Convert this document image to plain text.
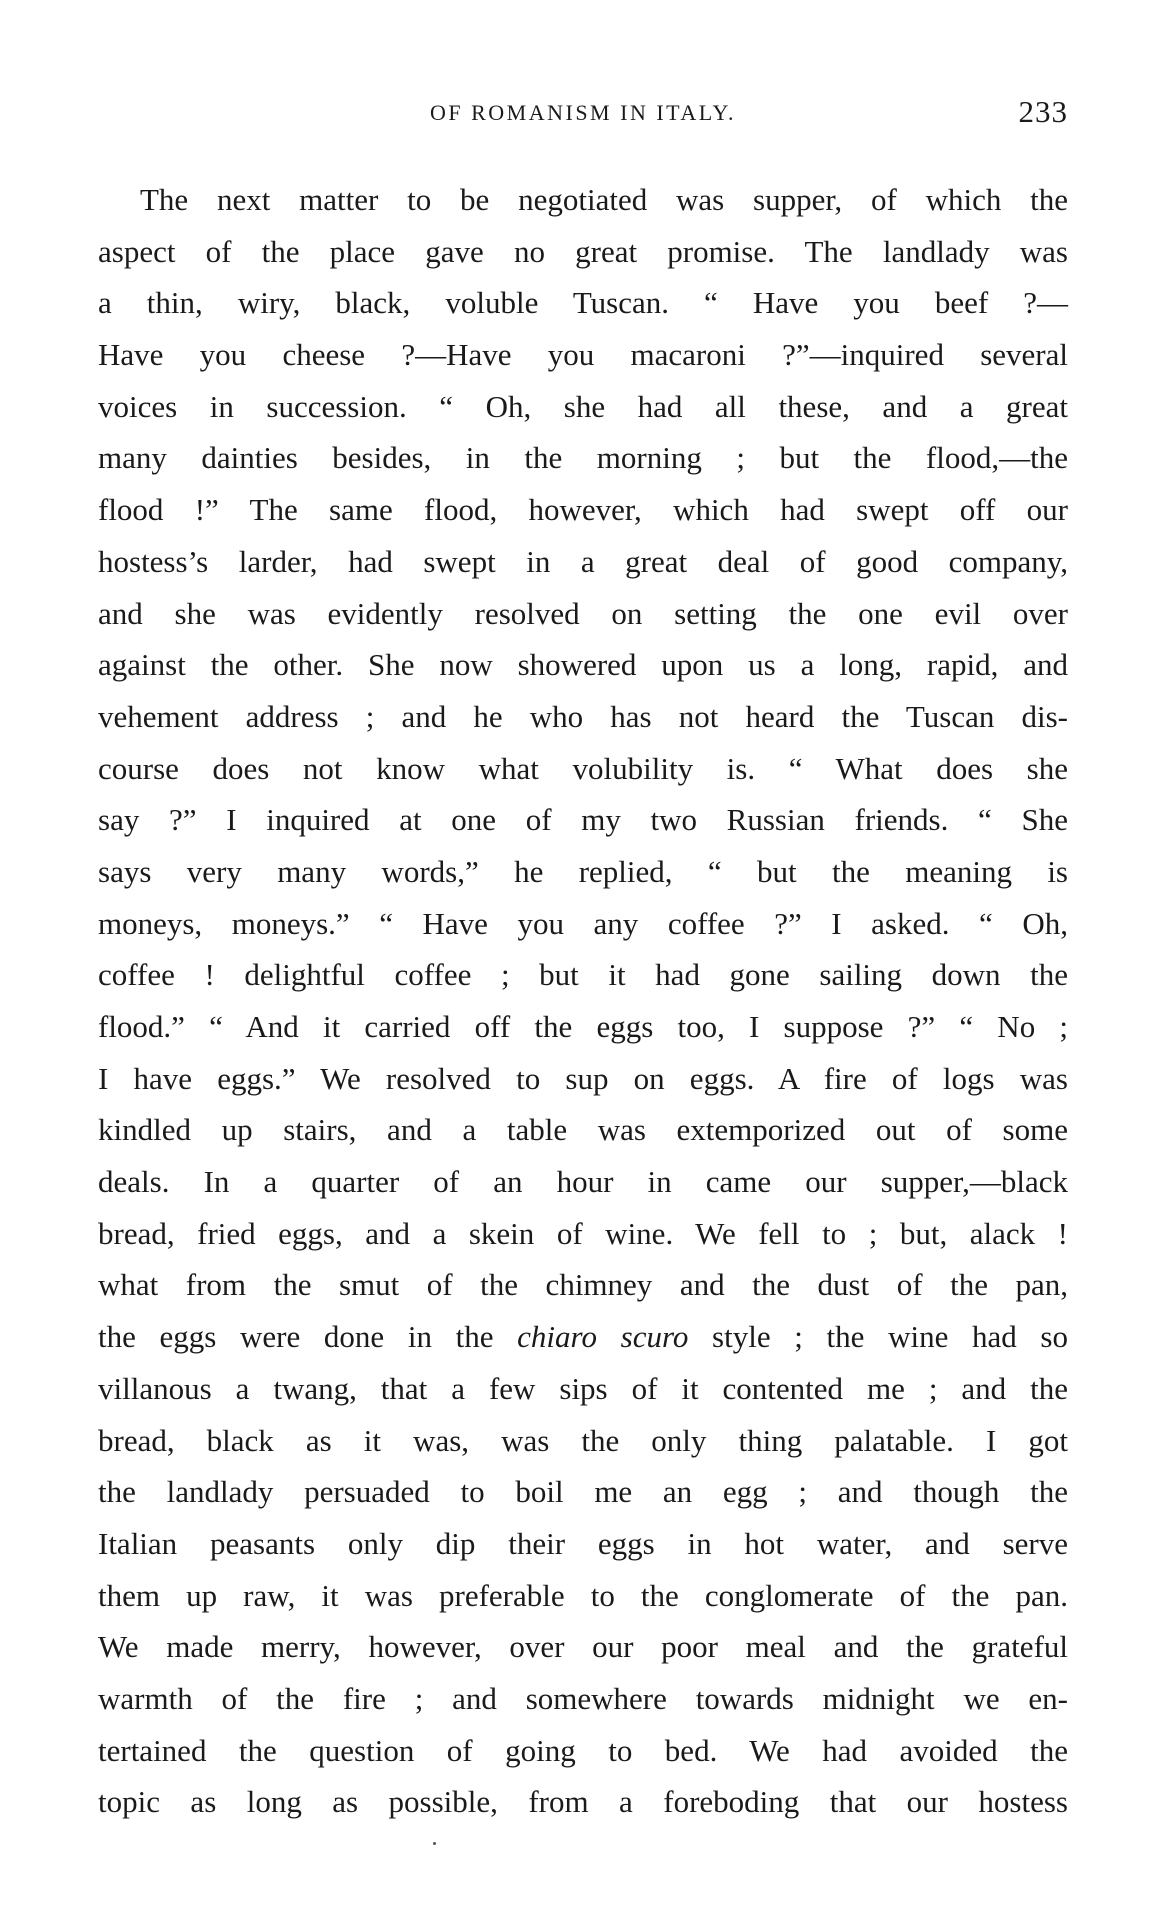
OF ROMANISM IN ITALY.	233
The next matter to be negotiated was supper, of which the
aspect of the place gave no great promise. The landlady was
a thin, wiry, black, voluble Tuscan. “ Have you beef ?—
Have you cheese ?—Have you macaroni ?”—inquired several
voices in succession. “ Oh, she had all these, and a great
many dainties besides, in the morning ; but the flood,—the
flood !” The same flood, however, which had swept off our
hostess’s larder, had swept in a great deal of good company,
and she was evidently resolved on setting the one evil over
against the other. She now showered upon us a long, rapid, and
vehement address ; and he who has not heard the Tuscan dis-
course does not know what volubility is. “ What does she
say ?” I inquired at one of my two Russian friends. “ She
says very many words,” he replied, “ but the meaning is
moneys, moneys.” “ Have you any coffee ?” I asked. “ Oh,
coffee ! delightful coffee ; but it had gone sailing down the
flood.” “ And it carried off the eggs too, I suppose ?” “ No ;
I have eggs.” We resolved to sup on eggs. A fire of logs was
kindled up stairs, and a table was extemporized out of some
deals. In a quarter of an hour in came our supper,—black
bread, fried eggs, and a skein of wine. We fell to ; but, alack !
what from the smut of the chimney and the dust of the pan,
the eggs were done in the chiaro scuro style ; the wine had so
villanous a twang, that a few sips of it contented me ; and the
bread, black as it was, was the only thing palatable. I got
the landlady persuaded to boil me an egg ; and though the
Italian peasants only dip their eggs in hot water, and serve
them up raw, it was preferable to the conglomerate of the pan.
We made merry, however, over our poor meal and the grateful
warmth of the fire ; and somewhere towards midnight we en-
tertained the question of going to bed. We had avoided the
topic as long as possible, from a foreboding that our hostess
